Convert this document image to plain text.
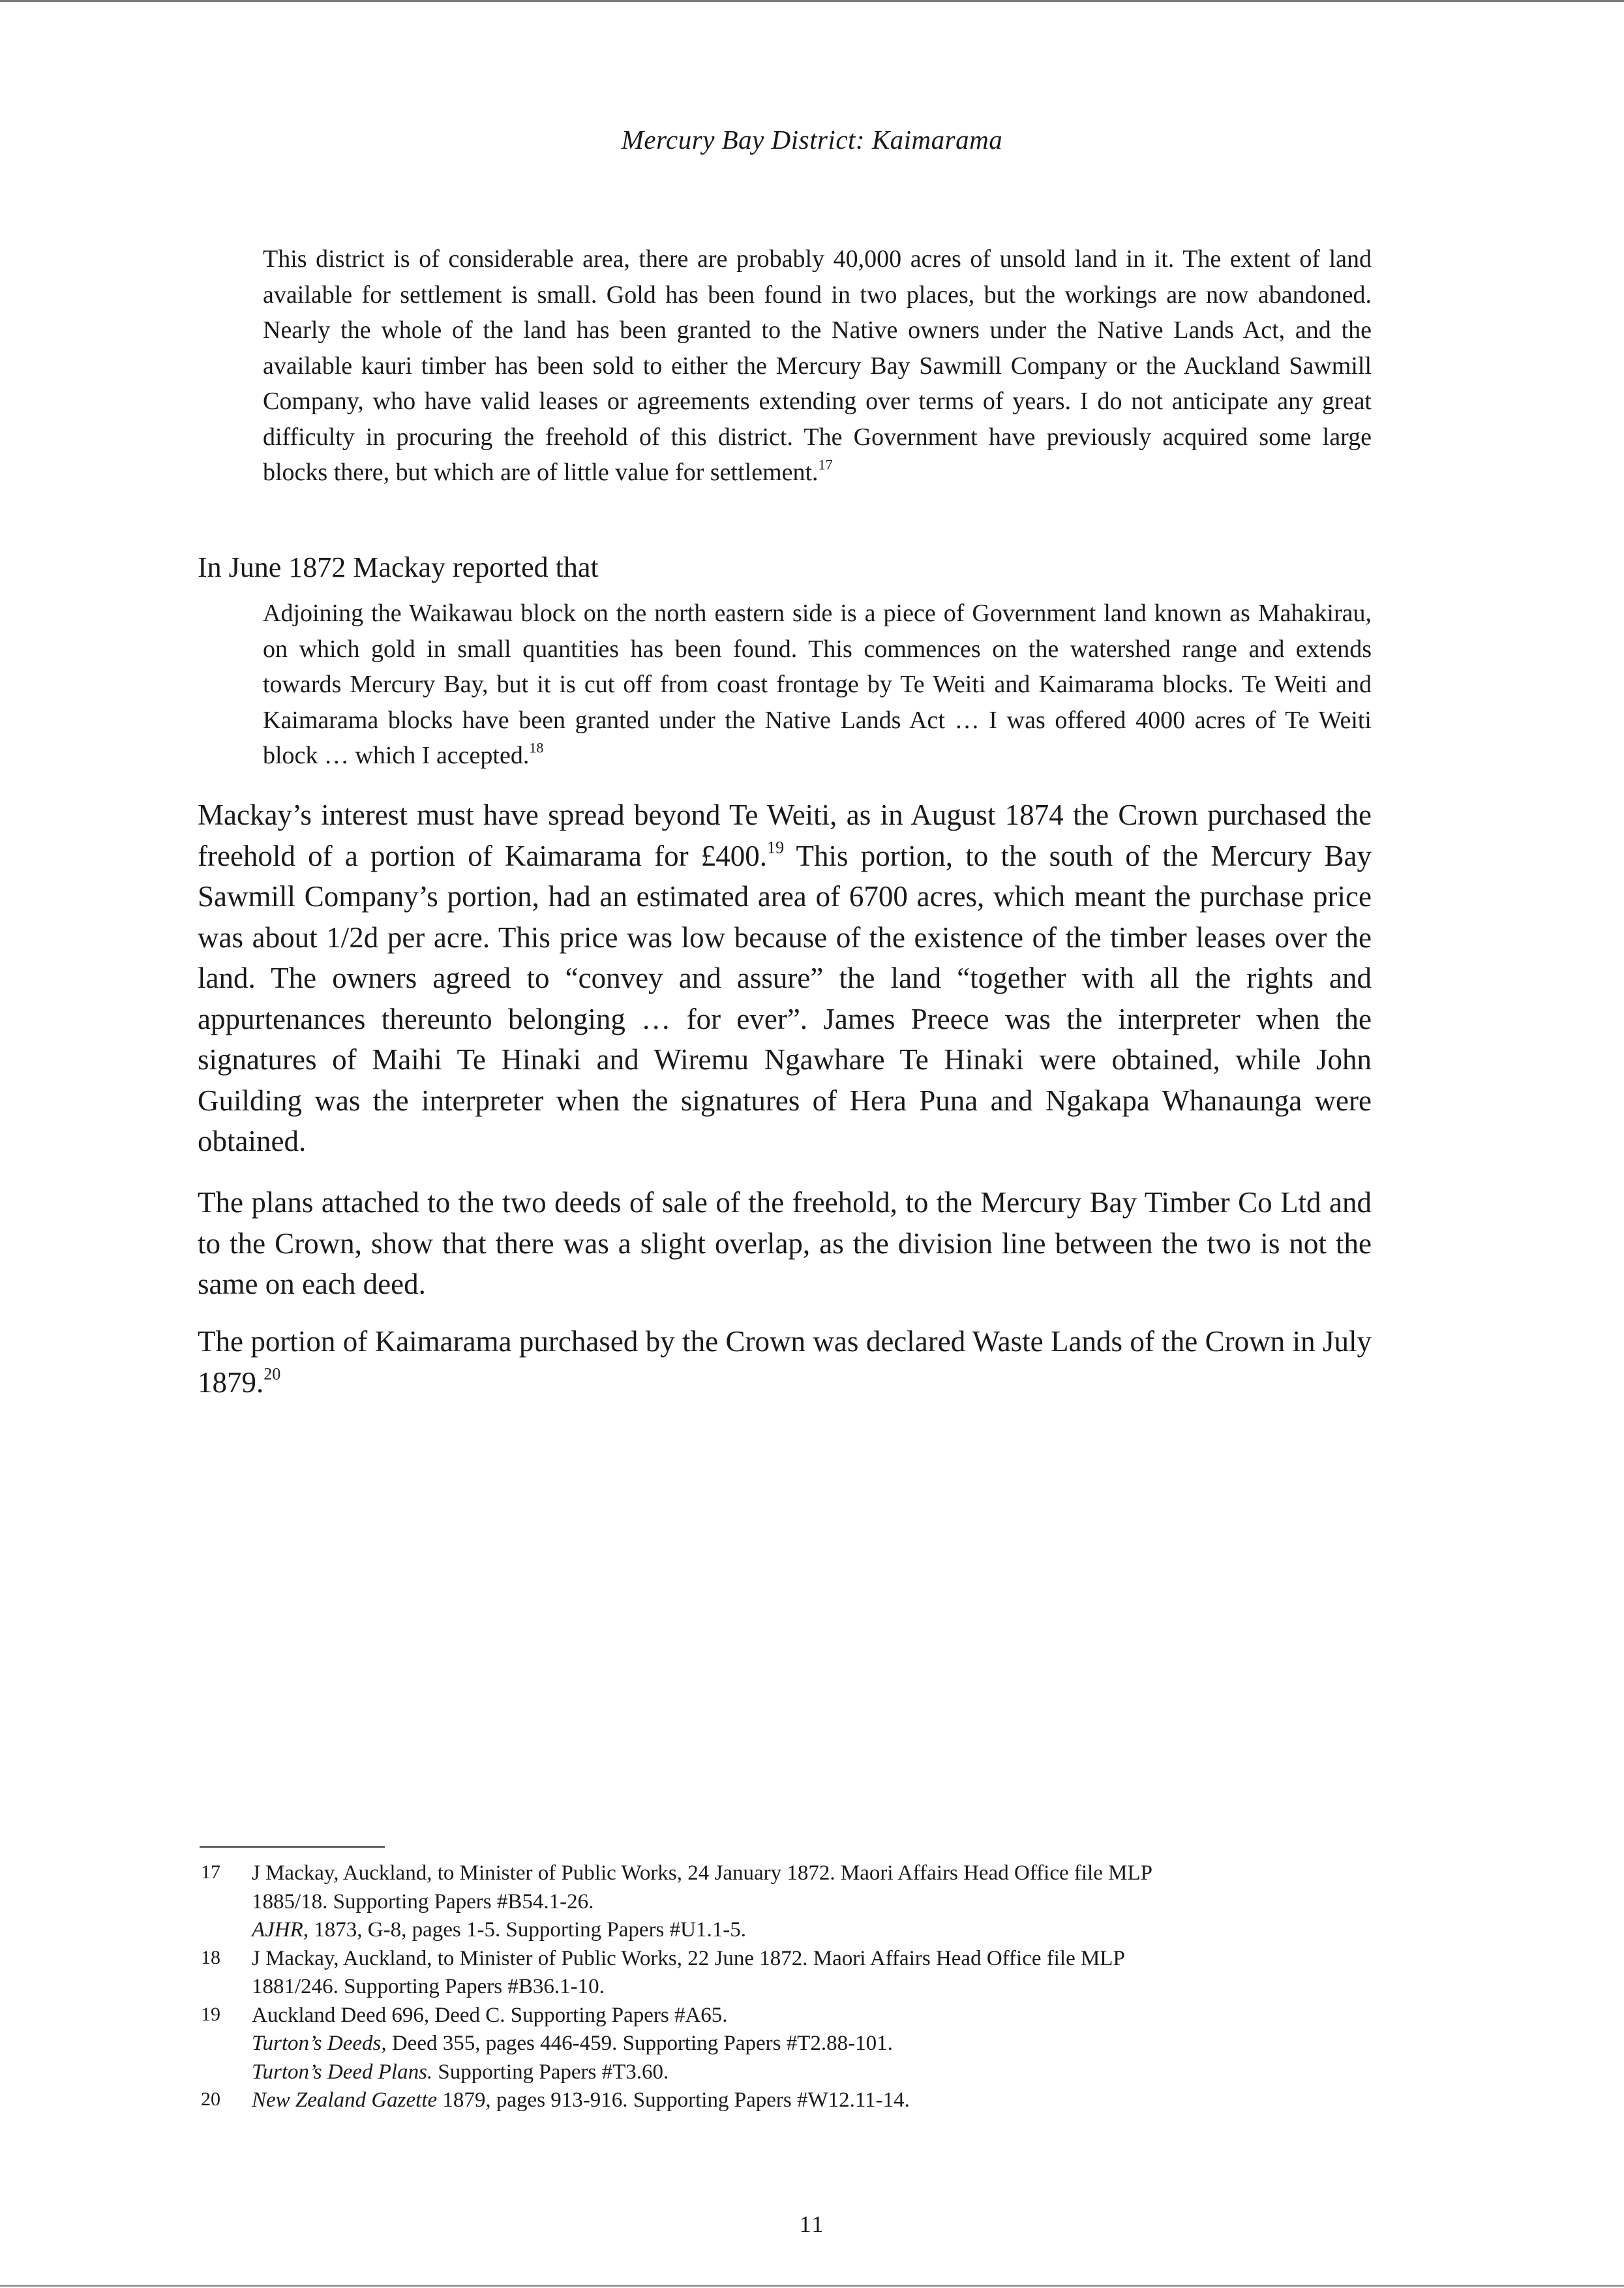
Mercury Bay District: Kaimarama
This district is of considerable area, there are probably 40,000 acres of unsold land in it. The extent of land available for settlement is small. Gold has been found in two places, but the workings are now abandoned. Nearly the whole of the land has been granted to the Native owners under the Native Lands Act, and the available kauri timber has been sold to either the Mercury Bay Sawmill Company or the Auckland Sawmill Company, who have valid leases or agreements extending over terms of years. I do not anticipate any great difficulty in procuring the freehold of this district. The Government have previously acquired some large blocks there, but which are of little value for settlement.$^{17}$
In June 1872 Mackay reported that
Adjoining the Waikawau block on the north eastern side is a piece of Government land known as Mahakirau, on which gold in small quantities has been found. This commences on the watershed range and extends towards Mercury Bay, but it is cut off from coast frontage by Te Weiti and Kaimarama blocks. Te Weiti and Kaimarama blocks have been granted under the Native Lands Act … I was offered 4000 acres of Te Weiti block … which I accepted.$^{18}$
Mackay’s interest must have spread beyond Te Weiti, as in August 1874 the Crown purchased the freehold of a portion of Kaimarama for £400.19 This portion, to the south of the Mercury Bay Sawmill Company’s portion, had an estimated area of 6700 acres, which meant the purchase price was about 1/2d per acre. This price was low because of the existence of the timber leases over the land. The owners agreed to “convey and assure” the land “together with all the rights and appurtenances thereunto belonging … for ever”. James Preece was the interpreter when the signatures of Maihi Te Hinaki and Wiremu Ngawhare Te Hinaki were obtained, while John Guilding was the interpreter when the signatures of Hera Puna and Ngakapa Whanaunga were obtained.
The plans attached to the two deeds of sale of the freehold, to the Mercury Bay Timber Co Ltd and to the Crown, show that there was a slight overlap, as the division line between the two is not the same on each deed.
The portion of Kaimarama purchased by the Crown was declared Waste Lands of the Crown in July 1879.20
17 J Mackay, Auckland, to Minister of Public Works, 24 January 1872. Maori Affairs Head Office file MLP
1885/18. Supporting Papers #B54.1-26.
AJHR, 1873, G-8, pages 1-5. Supporting Papers #U1.1-5.
18 J Mackay, Auckland, to Minister of Public Works, 22 June 1872. Maori Affairs Head Office file MLP
1881/246. Supporting Papers #B36.1-10.
19 Auckland Deed 696, Deed C. Supporting Papers #A65.
Turton’s Deeds, Deed 355, pages 446-459. Supporting Papers #T2.88-101.
Turton’s Deed Plans. Supporting Papers #T3.60.
20 New Zealand Gazette 1879, pages 913-916. Supporting Papers #W12.11-14.
11
